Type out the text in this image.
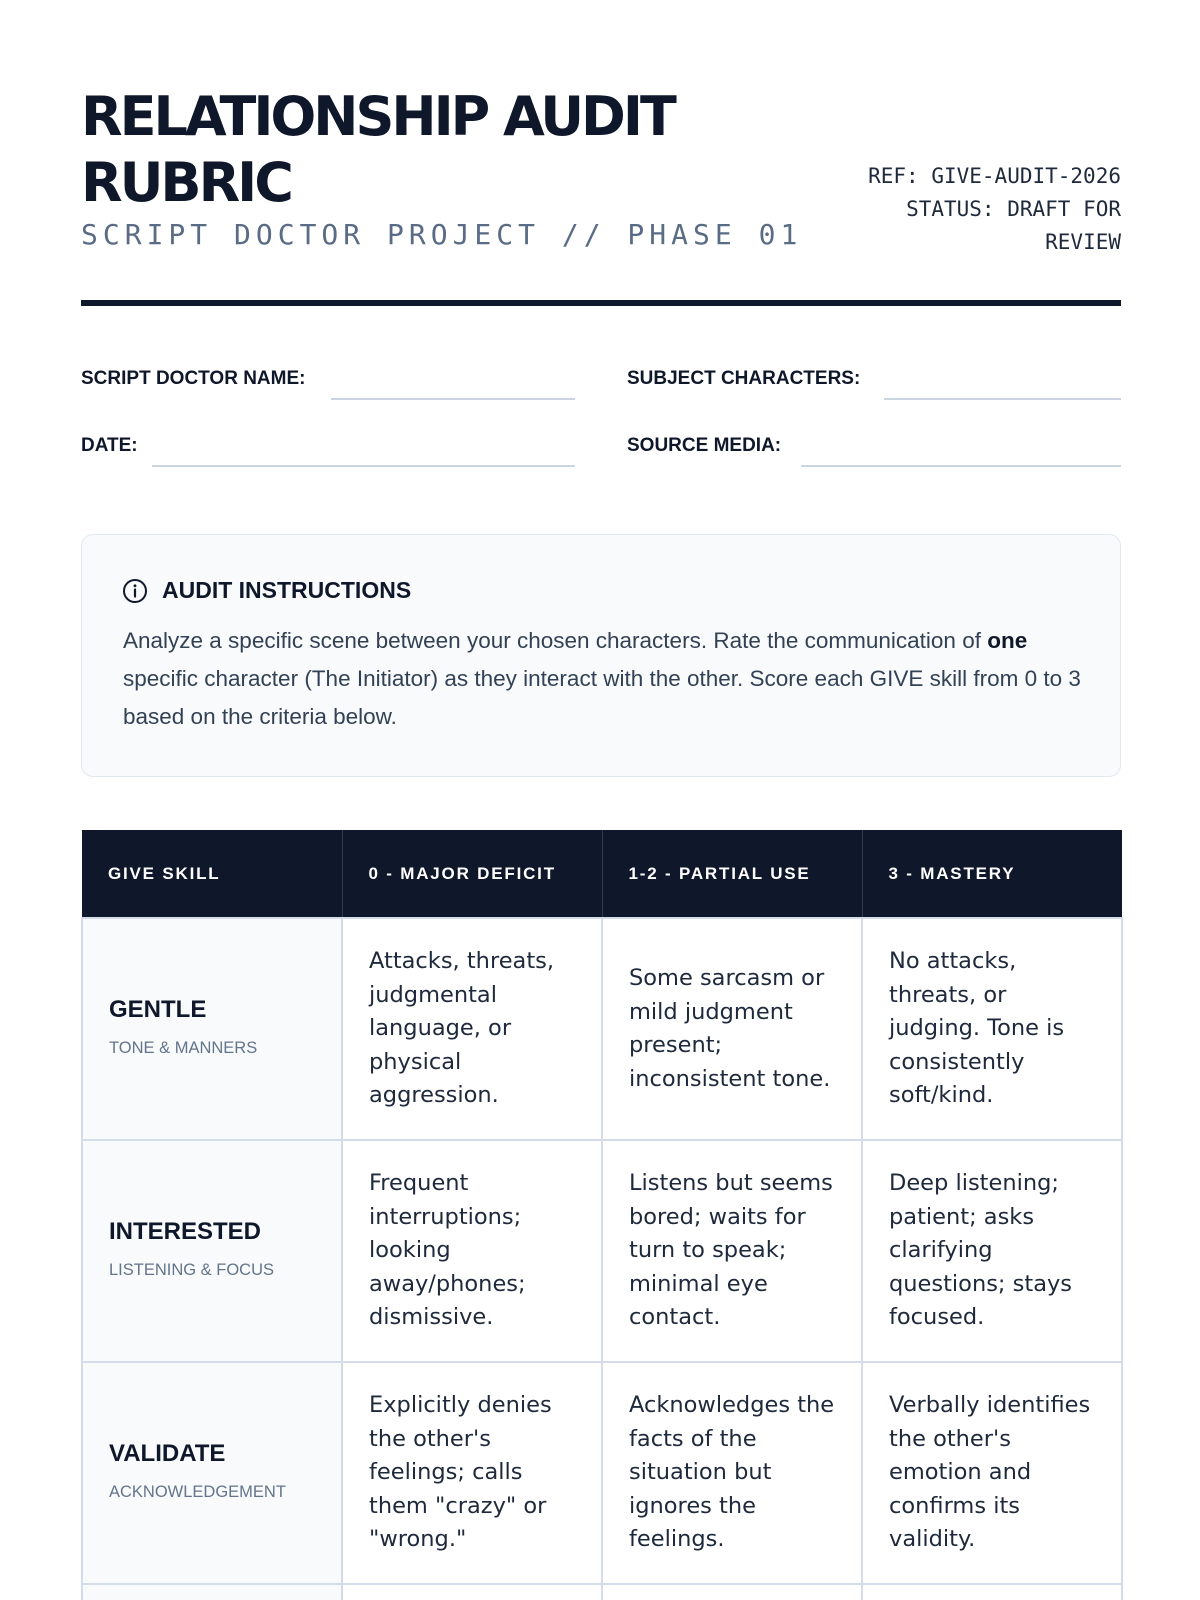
RELATIONSHIP AUDIT RUBRIC
SCRIPT DOCTOR PROJECT // PHASE 01
REF: GIVE-AUDIT-2026
STATUS: DRAFT FOR REVIEW
SCRIPT DOCTOR NAME:	SUBJECT CHARACTERS:
DATE:	SOURCE MEDIA:
AUDIT INSTRUCTIONS

Analyze a specific scene between your chosen characters. Rate the communication of one specific character (The Initiator) as they interact with the other. Score each GIVE skill from 0 to 3 based on the criteria below.

GIVE SKILL	0 - MAJOR DEFICIT	1-2 - PARTIAL USE	3 - MASTERY

GENTLE
TONE & MANNERS	Attacks, threats, judgmental language, or physical aggression.	Some sarcasm or mild judgment present; inconsistent tone.	No attacks, threats, or judging. Tone is consistently soft/kind.

INTERESTED
LISTENING & FOCUS	Frequent interruptions; looking away/phones; dismissive.	Listens but seems bored; waits for turn to speak; minimal eye contact.	Deep listening; patient; asks clarifying questions; stays focused.

VALIDATE
ACKNOWLEDGEMENT	Explicitly denies the other's feelings; calls them "crazy" or "wrong."	Acknowledges the facts of the situation but ignores the feelings.	Verbally identifies the other's emotion and confirms its validity.
